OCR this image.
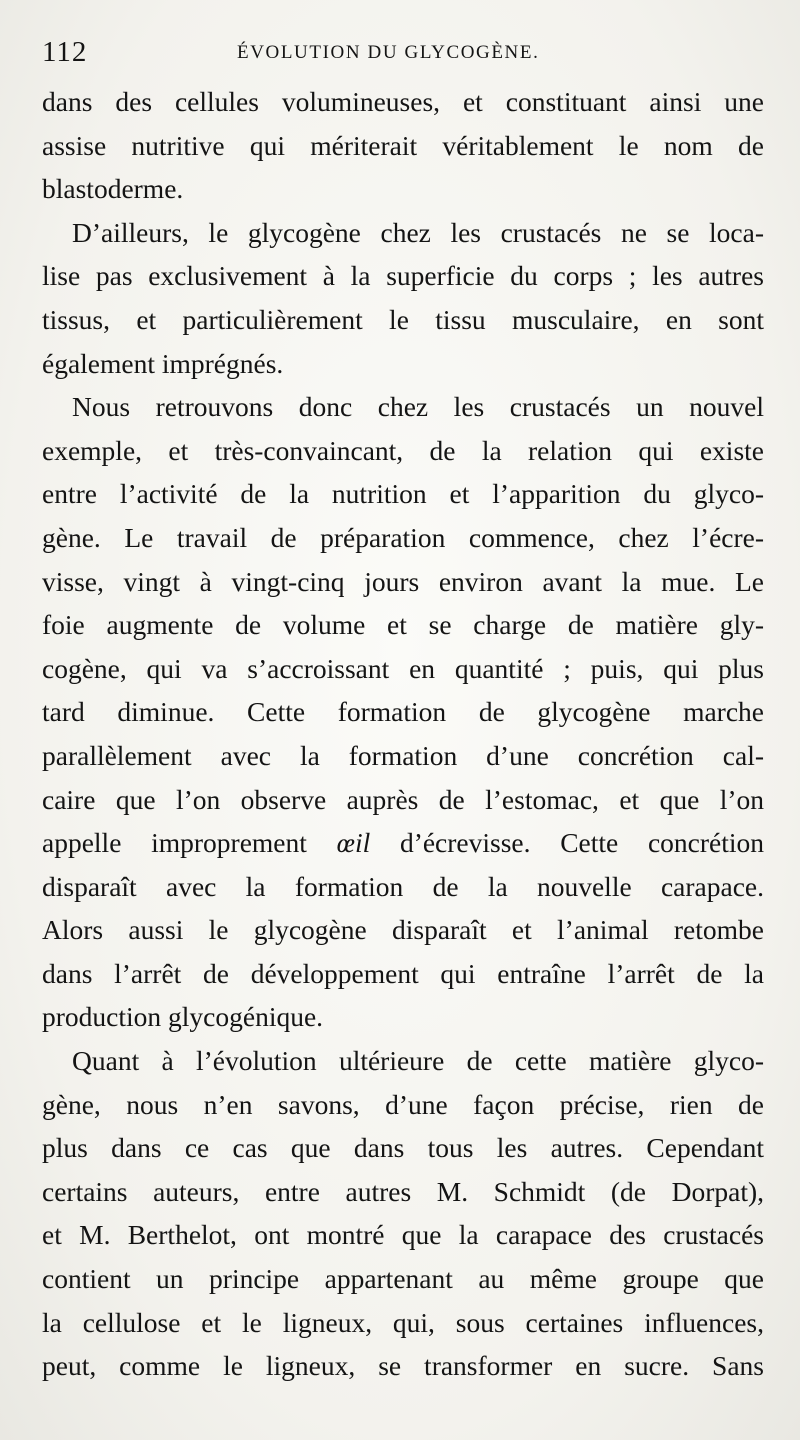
112	ÉVOLUTION DU GLYCOGÈNE.
dans des cellules volumineuses, et constituant ainsi une
assise nutritive qui mériterait véritablement le nom de
blastoderme.
D’ailleurs, le glycogène chez les crustacés ne se loca-
lise pas exclusivement à la superficie du corps ; les autres
tissus, et particulièrement le tissu musculaire, en sont
également imprégnés.
Nous retrouvons donc chez les crustacés un nouvel
exemple, et très-convaincant, de la relation qui existe
entre l’activité de la nutrition et l’apparition du glyco-
gène. Le travail de préparation commence, chez l’écre-
visse, vingt à vingt-cinq jours environ avant la mue. Le
foie augmente de volume et se charge de matière gly-
cogène, qui va s’accroissant en quantité ; puis, qui plus
tard diminue. Cette formation de glycogène marche
parallèlement avec la formation d’une concrétion cal-
caire que l’on observe auprès de l’estomac, et que l’on
appelle improprement œil d’écrevisse. Cette concrétion
disparaît avec la formation de la nouvelle carapace.
Alors aussi le glycogène disparaît et l’animal retombe
dans l’arrêt de développement qui entraîne l’arrêt de la
production glycogénique.
Quant à l’évolution ultérieure de cette matière glyco-
gène, nous n’en savons, d’une façon précise, rien de
plus dans ce cas que dans tous les autres. Cependant
certains auteurs, entre autres M. Schmidt (de Dorpat),
et M. Berthelot, ont montré que la carapace des crustacés
contient un principe appartenant au même groupe que
la cellulose et le ligneux, qui, sous certaines influences,
peut, comme le ligneux, se transformer en sucre. Sans
